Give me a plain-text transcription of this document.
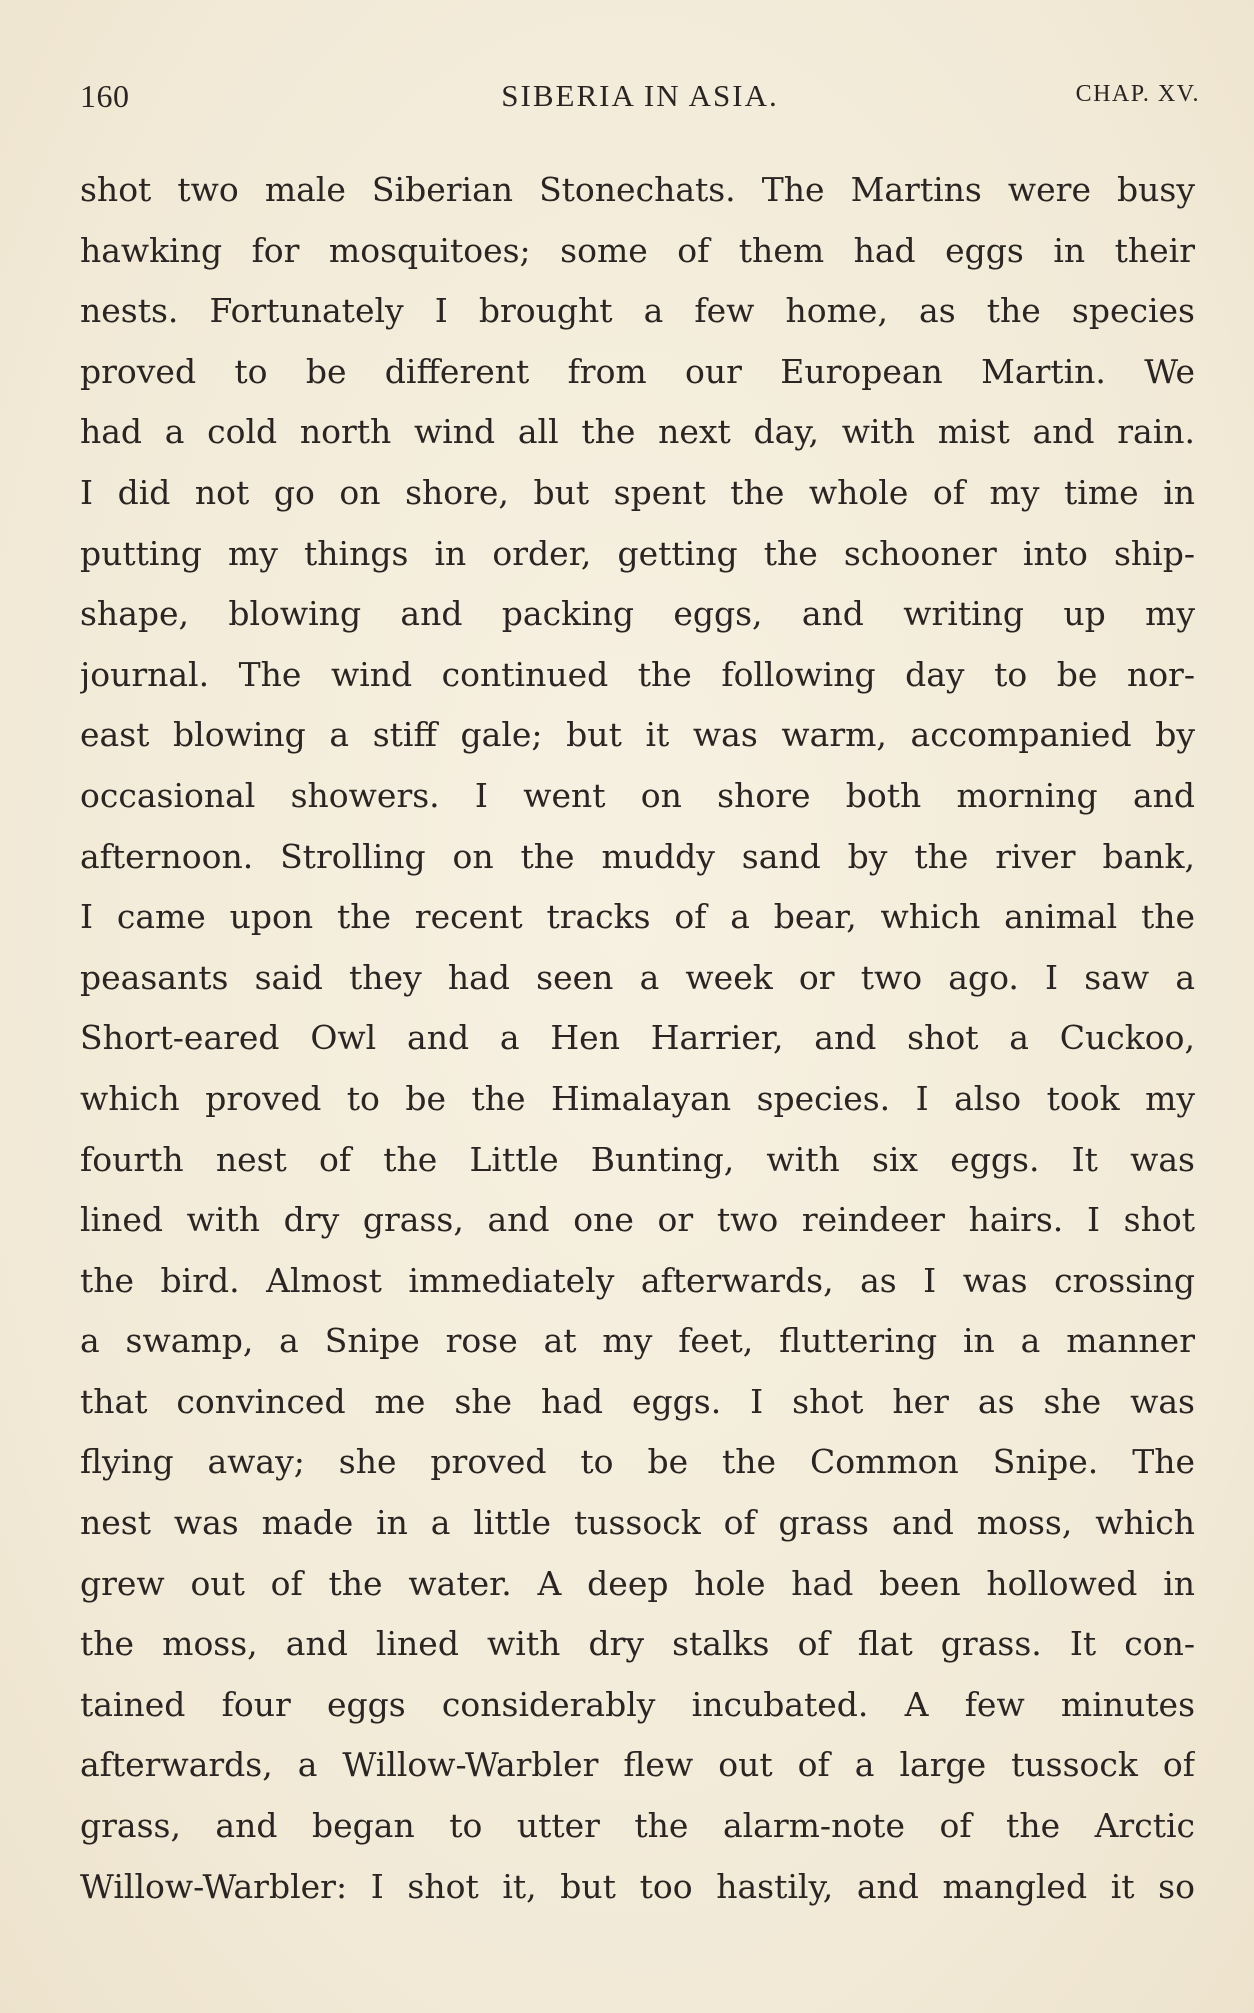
160	SIBERIA IN ASIA.	CHAP. XV.
shot two male Siberian Stonechats. The Martins were busy
hawking for mosquitoes; some of them had eggs in their
nests. Fortunately I brought a few home, as the species
proved to be different from our European Martin. We
had a cold north wind all the next day, with mist and rain.
I did not go on shore, but spent the whole of my time in
putting my things in order, getting the schooner into ship-
shape, blowing and packing eggs, and writing up my
journal. The wind continued the following day to be nor-
east blowing a stiff gale; but it was warm, accompanied by
occasional showers. I went on shore both morning and
afternoon. Strolling on the muddy sand by the river bank,
I came upon the recent tracks of a bear, which animal the
peasants said they had seen a week or two ago. I saw a
Short-eared Owl and a Hen Harrier, and shot a Cuckoo,
which proved to be the Himalayan species. I also took my
fourth nest of the Little Bunting, with six eggs. It was
lined with dry grass, and one or two reindeer hairs. I shot
the bird. Almost immediately afterwards, as I was crossing
a swamp, a Snipe rose at my feet, fluttering in a manner
that convinced me she had eggs. I shot her as she was
flying away; she proved to be the Common Snipe. The
nest was made in a little tussock of grass and moss, which
grew out of the water. A deep hole had been hollowed in
the moss, and lined with dry stalks of flat grass. It con-
tained four eggs considerably incubated. A few minutes
afterwards, a Willow-Warbler flew out of a large tussock of
grass, and began to utter the alarm-note of the Arctic
Willow-Warbler: I shot it, but too hastily, and mangled it so
